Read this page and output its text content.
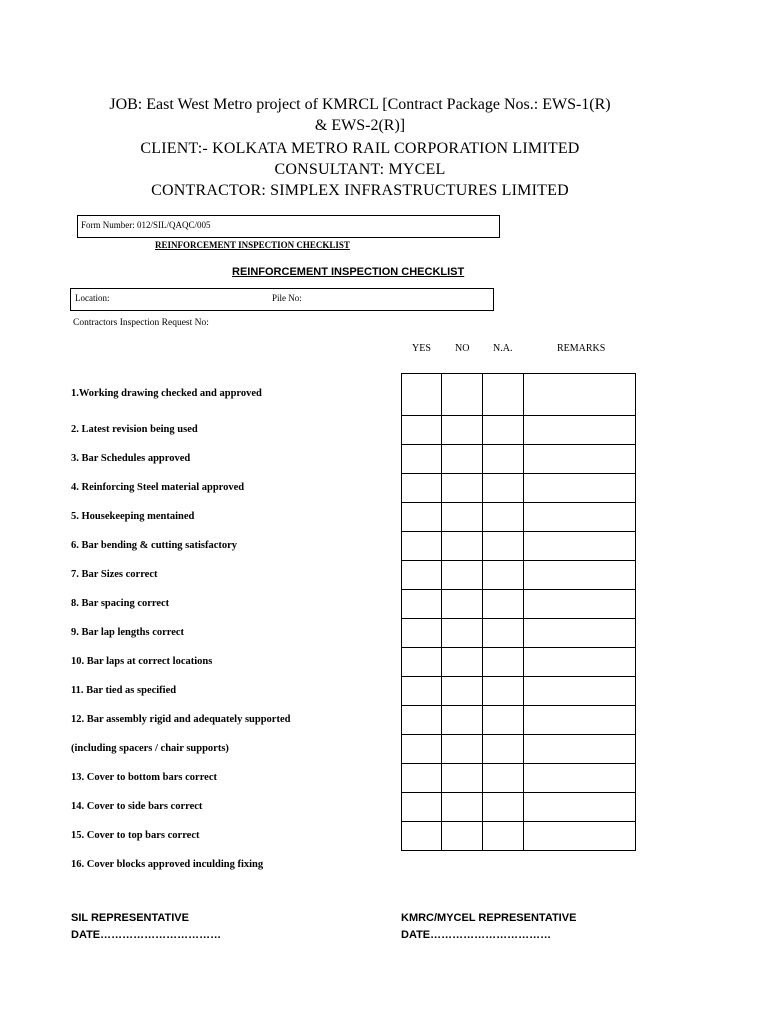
JOB: East West Metro project of KMRCL [Contract Package Nos.: EWS-1(R)
& EWS-2(R)]
CLIENT:- KOLKATA METRO RAIL CORPORATION LIMITED
CONSULTANT: MYCEL
CONTRACTOR: SIMPLEX INFRASTRUCTURES LIMITED
Form Number: 012/SIL/QAQC/005
REINFORCEMENT INSPECTION CHECKLIST
REINFORCEMENT INSPECTION CHECKLIST
Location:	Pile No:
Contractors Inspection Request No:
YES NO N.A.	REMARKS
1.Working drawing checked and approved
2. Latest revision being used
3. Bar Schedules approved
4. Reinforcing Steel material approved
5. Housekeeping mentained
6. Bar bending & cutting satisfactory
7. Bar Sizes correct
8. Bar spacing correct
9. Bar lap lengths correct
10. Bar laps at correct locations
11. Bar tied as specified
12. Bar assembly rigid and adequately supported
(including spacers / chair supports)
13. Cover to bottom bars correct
14. Cover to side bars correct
15. Cover to top bars correct
16. Cover blocks approved inculding fixing

SIL REPRESENTATIVE
DATE……………………………
KMRC/MYCEL REPRESENTATIVE
DATE……………………………
